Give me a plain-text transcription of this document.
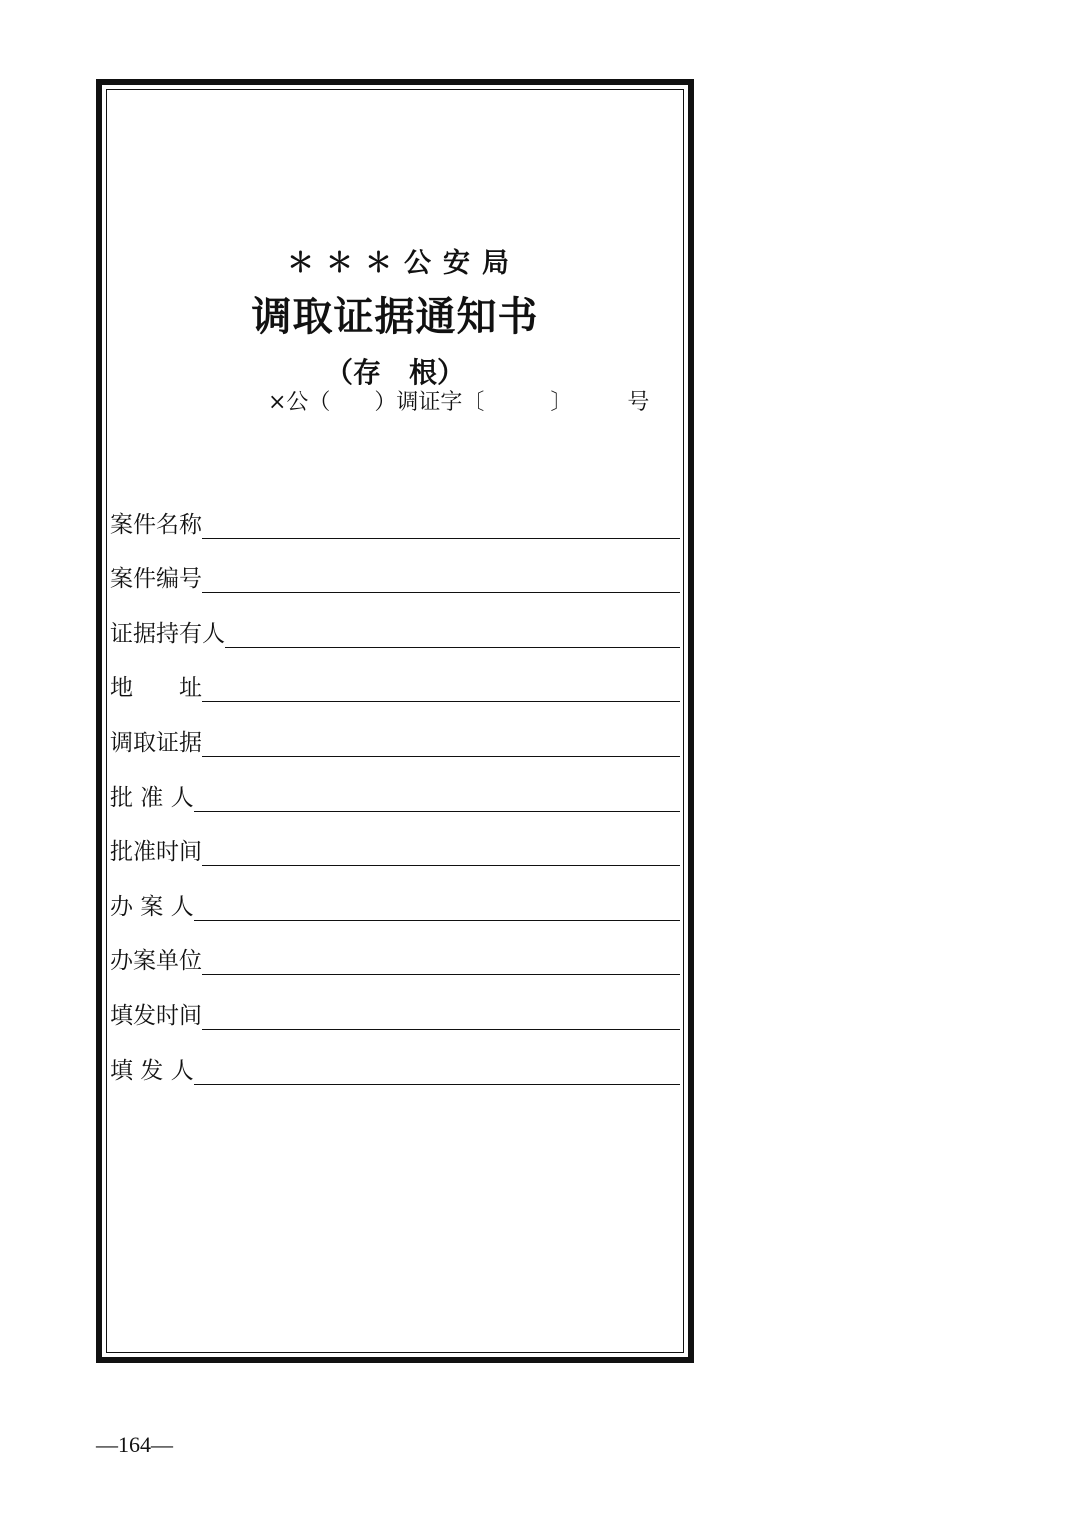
＊＊＊公安局
调取证据通知书
（存　根）
×公（　　）调证字〔　　　〕　　　号
案件名称
案件编号
证据持有人
地　　址
调取证据
批 准 人
批准时间
办 案 人
办案单位
填发时间
填 发 人
—164—
